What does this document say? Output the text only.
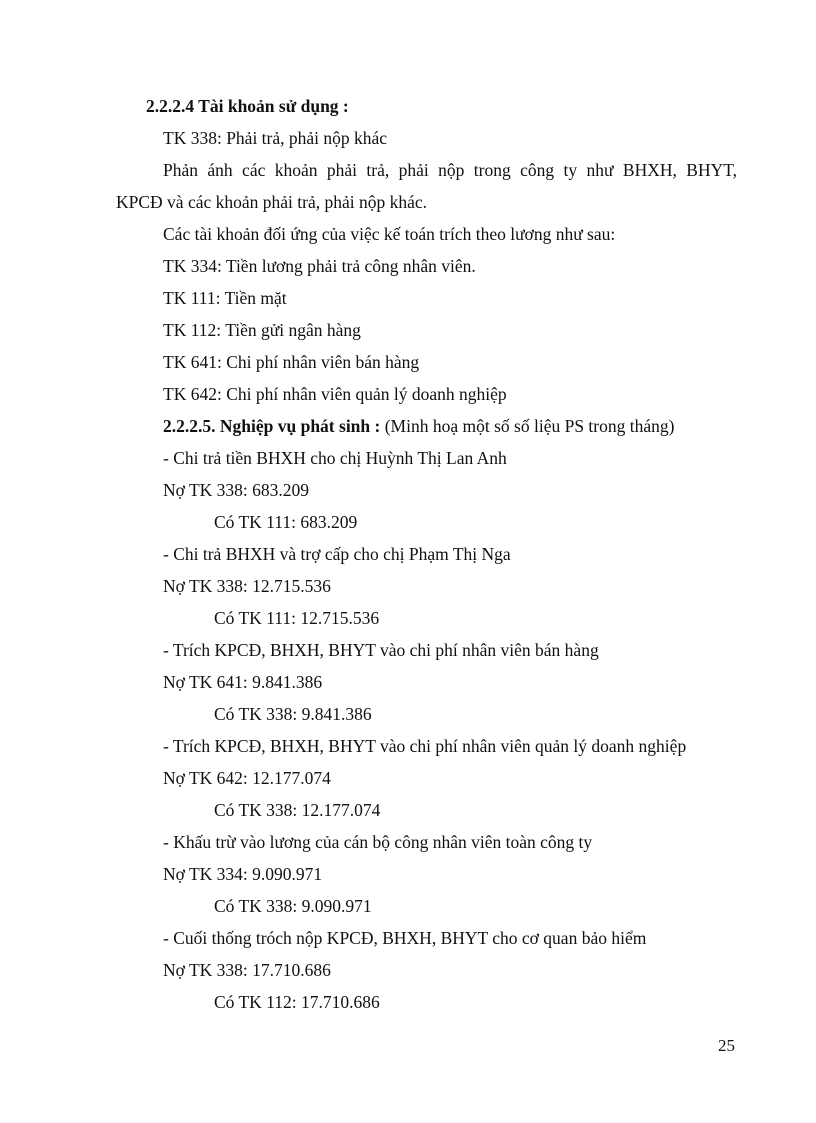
2.2.2.4 Tài khoản sử dụng :
TK 338: Phải trả, phải nộp khác
Phản ánh các khoản phải trả, phải nộp trong công ty như BHXH, BHYT,
KPCĐ và các khoản phải trả, phải nộp khác.
Các tài khoản đối ứng của việc kế toán trích theo lương như sau:
TK 334: Tiền lương phải trả công nhân viên.
TK 111: Tiền mặt
TK 112: Tiền gửi ngân hàng
TK 641: Chi phí nhân viên bán hàng
TK 642: Chi phí nhân viên quản lý doanh nghiệp
2.2.2.5. Nghiệp vụ phát sinh : (Minh hoạ một số số liệu PS trong tháng)
- Chi trả tiền BHXH cho chị Huỳnh Thị Lan Anh
Nợ TK 338: 683.209
Có TK 111: 683.209
- Chi trả BHXH và trợ cấp cho chị Phạm Thị Nga
Nợ TK 338: 12.715.536
Có TK 111: 12.715.536
- Trích KPCĐ, BHXH, BHYT vào chi phí nhân viên bán hàng
Nợ TK 641: 9.841.386
Có TK 338: 9.841.386
- Trích KPCĐ, BHXH, BHYT vào chi phí nhân viên quản lý doanh nghiệp
Nợ TK 642: 12.177.074
Có TK 338: 12.177.074
- Khấu trừ vào lương của cán bộ công nhân viên toàn công ty
Nợ TK 334: 9.090.971
Có TK 338: 9.090.971
- Cuối thống tróch nộp KPCĐ, BHXH, BHYT cho cơ quan bảo hiểm
Nợ TK 338: 17.710.686
Có TK 112: 17.710.686
25
